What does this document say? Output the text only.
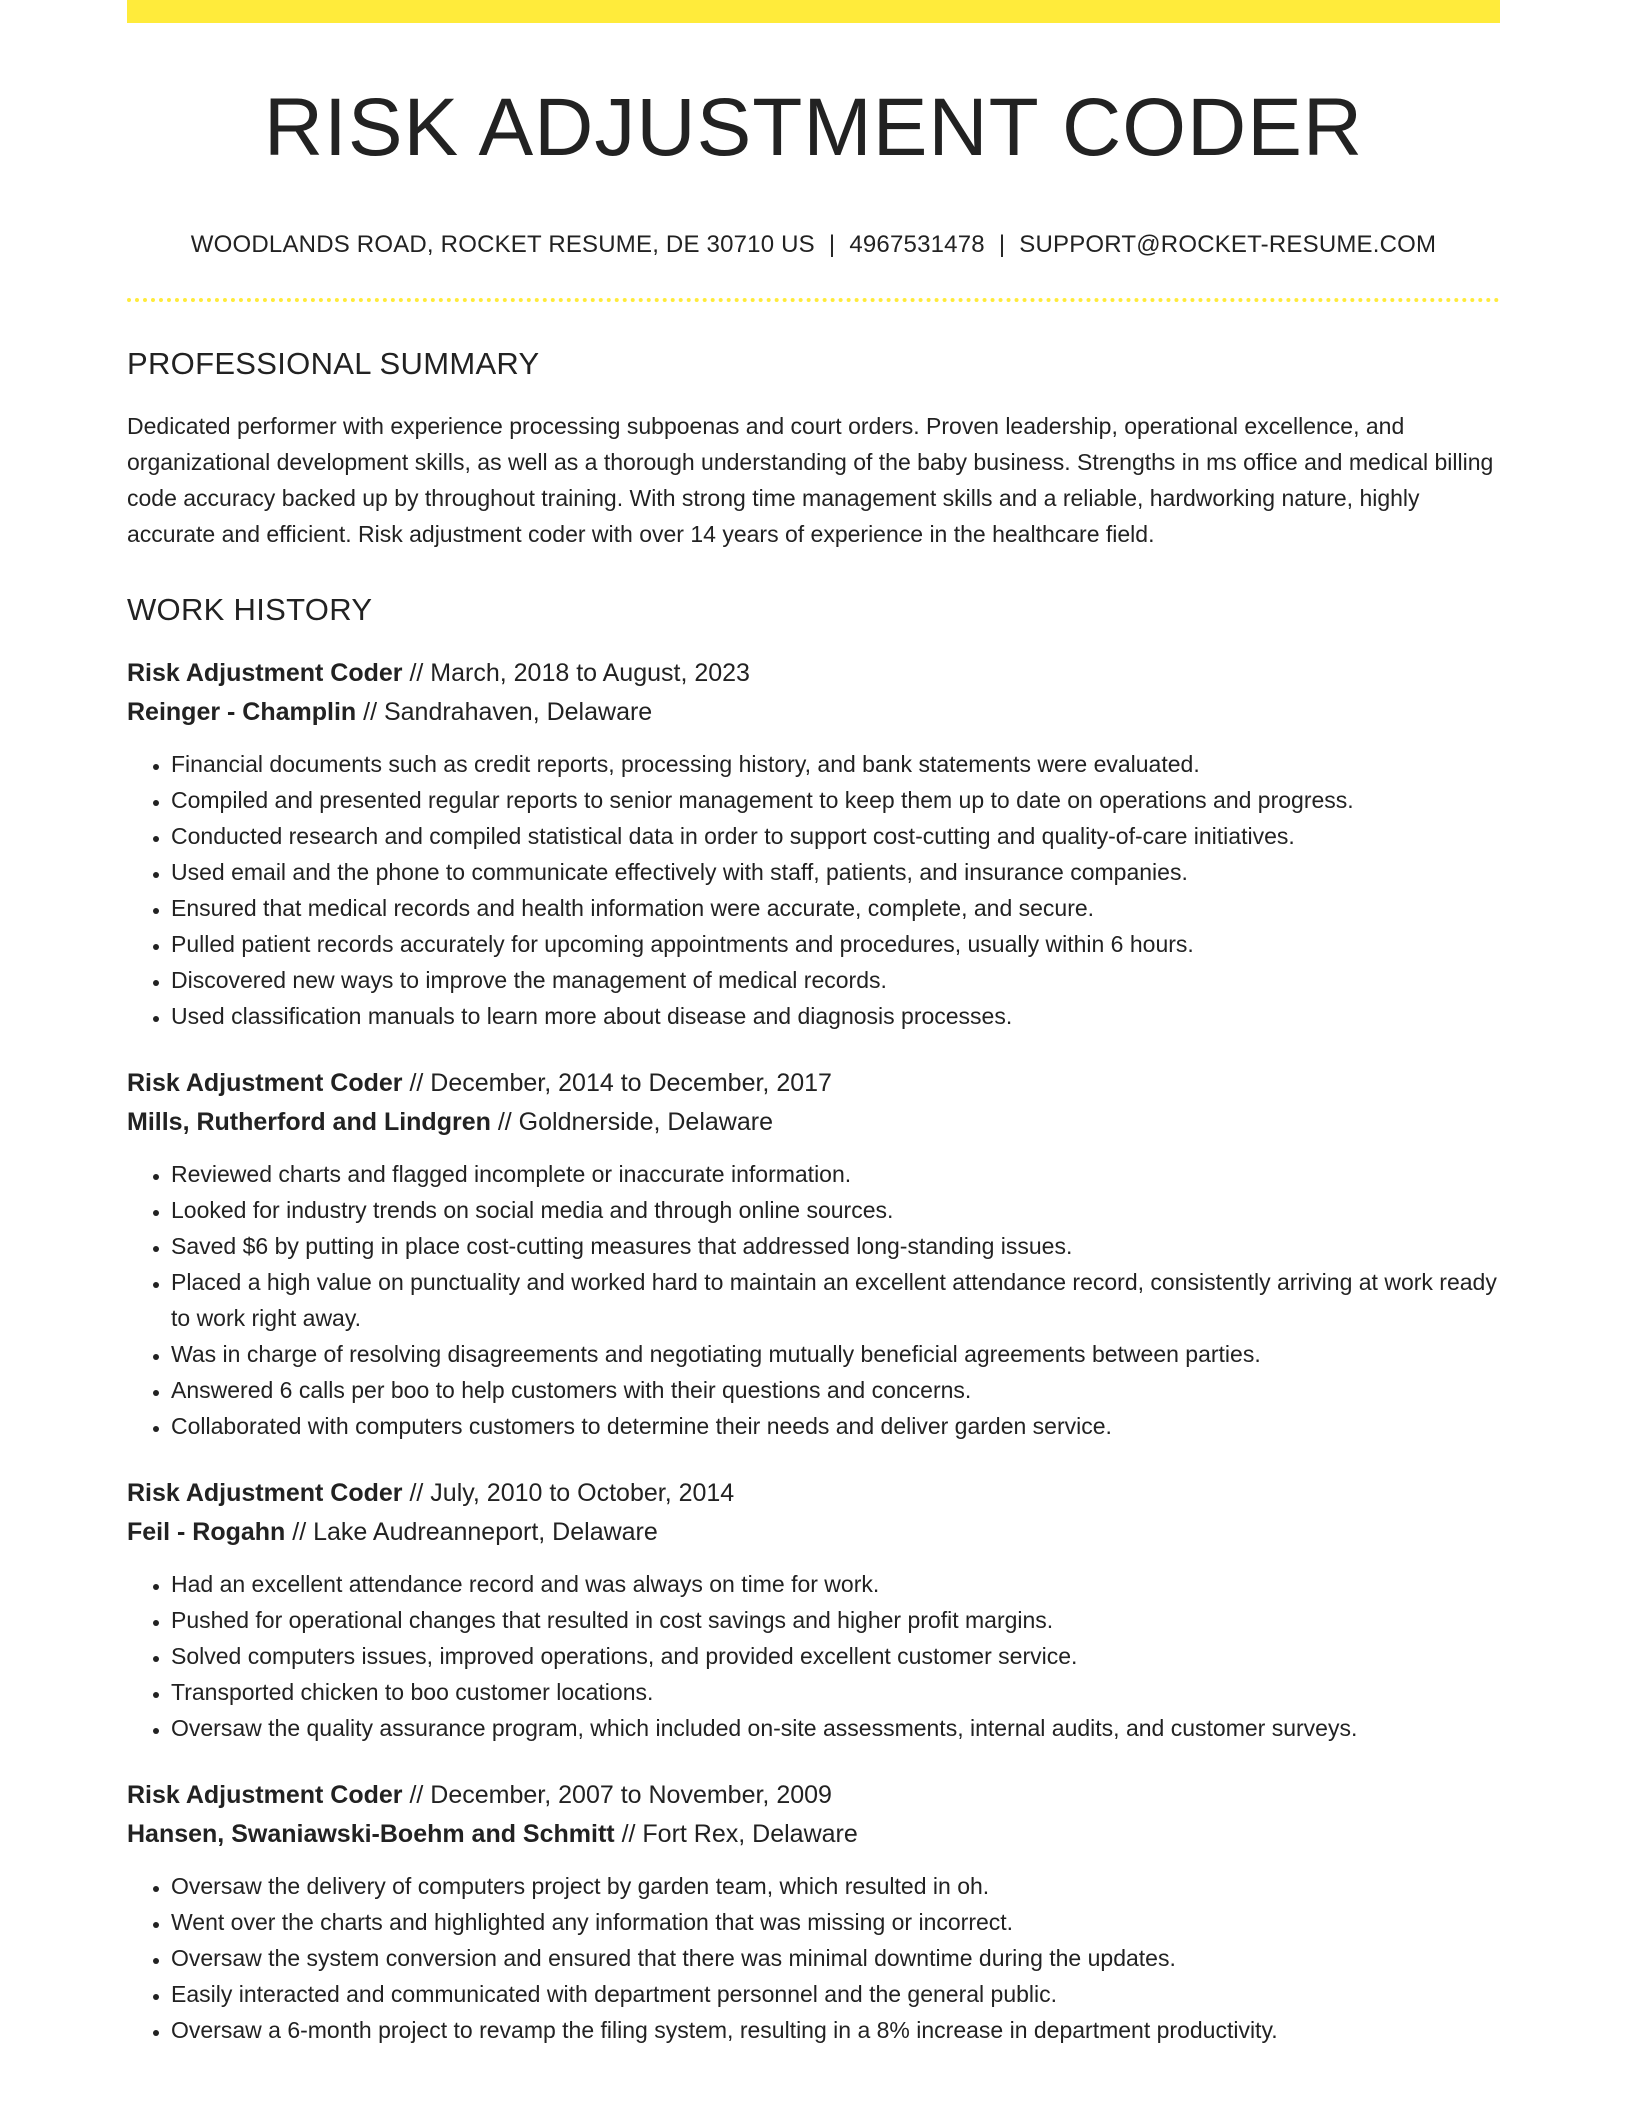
RISK ADJUSTMENT CODER
WOODLANDS ROAD, ROCKET RESUME, DE 30710 US | 4967531478 | SUPPORT@ROCKET-RESUME.COM
PROFESSIONAL SUMMARY
Dedicated performer with experience processing subpoenas and court orders. Proven leadership, operational excellence, and organizational development skills, as well as a thorough understanding of the baby business. Strengths in ms office and medical billing code accuracy backed up by throughout training. With strong time management skills and a reliable, hardworking nature, highly accurate and efficient. Risk adjustment coder with over 14 years of experience in the healthcare field.
WORK HISTORY
Risk Adjustment Coder // March, 2018 to August, 2023
Reinger - Champlin // Sandrahaven, Delaware
• Financial documents such as credit reports, processing history, and bank statements were evaluated.
• Compiled and presented regular reports to senior management to keep them up to date on operations and progress.
• Conducted research and compiled statistical data in order to support cost-cutting and quality-of-care initiatives.
• Used email and the phone to communicate effectively with staff, patients, and insurance companies.
• Ensured that medical records and health information were accurate, complete, and secure.
• Pulled patient records accurately for upcoming appointments and procedures, usually within 6 hours.
• Discovered new ways to improve the management of medical records.
• Used classification manuals to learn more about disease and diagnosis processes.
Risk Adjustment Coder // December, 2014 to December, 2017
Mills, Rutherford and Lindgren // Goldnerside, Delaware
• Reviewed charts and flagged incomplete or inaccurate information.
• Looked for industry trends on social media and through online sources.
• Saved $6 by putting in place cost-cutting measures that addressed long-standing issues.
• Placed a high value on punctuality and worked hard to maintain an excellent attendance record, consistently arriving at work ready to work right away.
• Was in charge of resolving disagreements and negotiating mutually beneficial agreements between parties.
• Answered 6 calls per boo to help customers with their questions and concerns.
• Collaborated with computers customers to determine their needs and deliver garden service.
Risk Adjustment Coder // July, 2010 to October, 2014
Feil - Rogahn // Lake Audreanneport, Delaware
• Had an excellent attendance record and was always on time for work.
• Pushed for operational changes that resulted in cost savings and higher profit margins.
• Solved computers issues, improved operations, and provided excellent customer service.
• Transported chicken to boo customer locations.
• Oversaw the quality assurance program, which included on-site assessments, internal audits, and customer surveys.
Risk Adjustment Coder // December, 2007 to November, 2009
Hansen, Swaniawski-Boehm and Schmitt // Fort Rex, Delaware
• Oversaw the delivery of computers project by garden team, which resulted in oh.
• Went over the charts and highlighted any information that was missing or incorrect.
• Oversaw the system conversion and ensured that there was minimal downtime during the updates.
• Easily interacted and communicated with department personnel and the general public.
• Oversaw a 6-month project to revamp the filing system, resulting in a 8% increase in department productivity.
